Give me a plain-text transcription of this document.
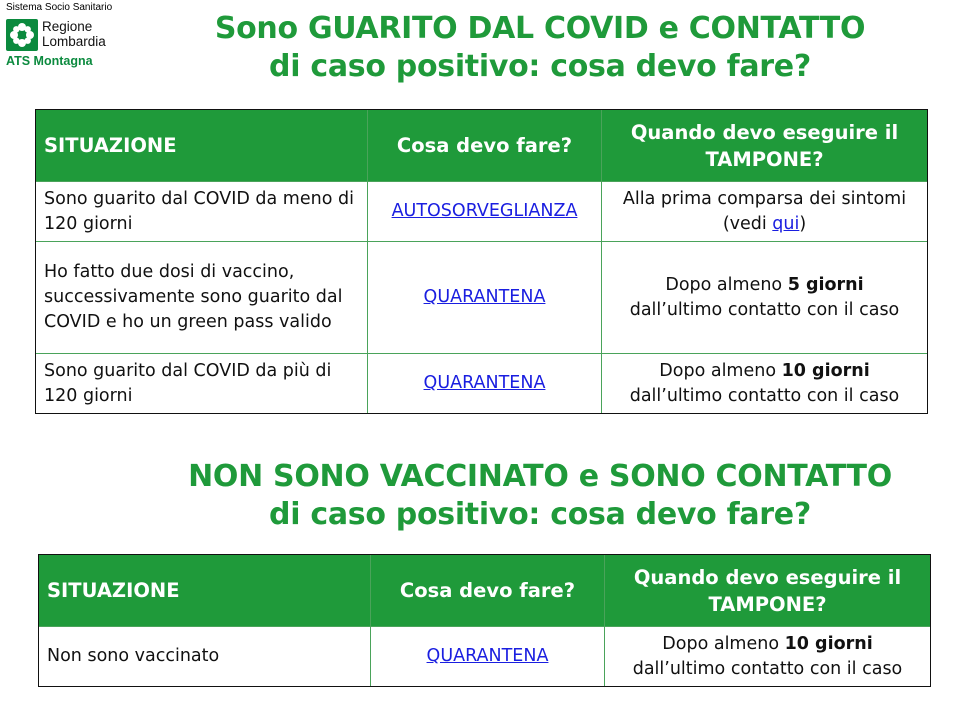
Sistema Socio Sanitario
Regione
Lombardia
ATS Montagna
Sono GUARITO DAL COVID e CONTATTO
di caso positivo: cosa devo fare?
SITUAZIONE	Cosa devo fare?	Quando devo eseguire il TAMPONE?
Sono guarito dal COVID da meno di 120 giorni	AUTOSORVEGLIANZA	Alla prima comparsa dei sintomi (vedi qui)
Ho fatto due dosi di vaccino, successivamente sono guarito dal COVID e ho un green pass valido	QUARANTENA	Dopo almeno 5 giorni
dall’ultimo contatto con il caso
Sono guarito dal COVID da più di 120 giorni	QUARANTENA	Dopo almeno 10 giorni
dall’ultimo contatto con il caso
NON SONO VACCINATO e SONO CONTATTO
di caso positivo: cosa devo fare?
SITUAZIONE	Cosa devo fare?	Quando devo eseguire il TAMPONE?
Non sono vaccinato	QUARANTENA	Dopo almeno 10 giorni
dall’ultimo contatto con il caso
